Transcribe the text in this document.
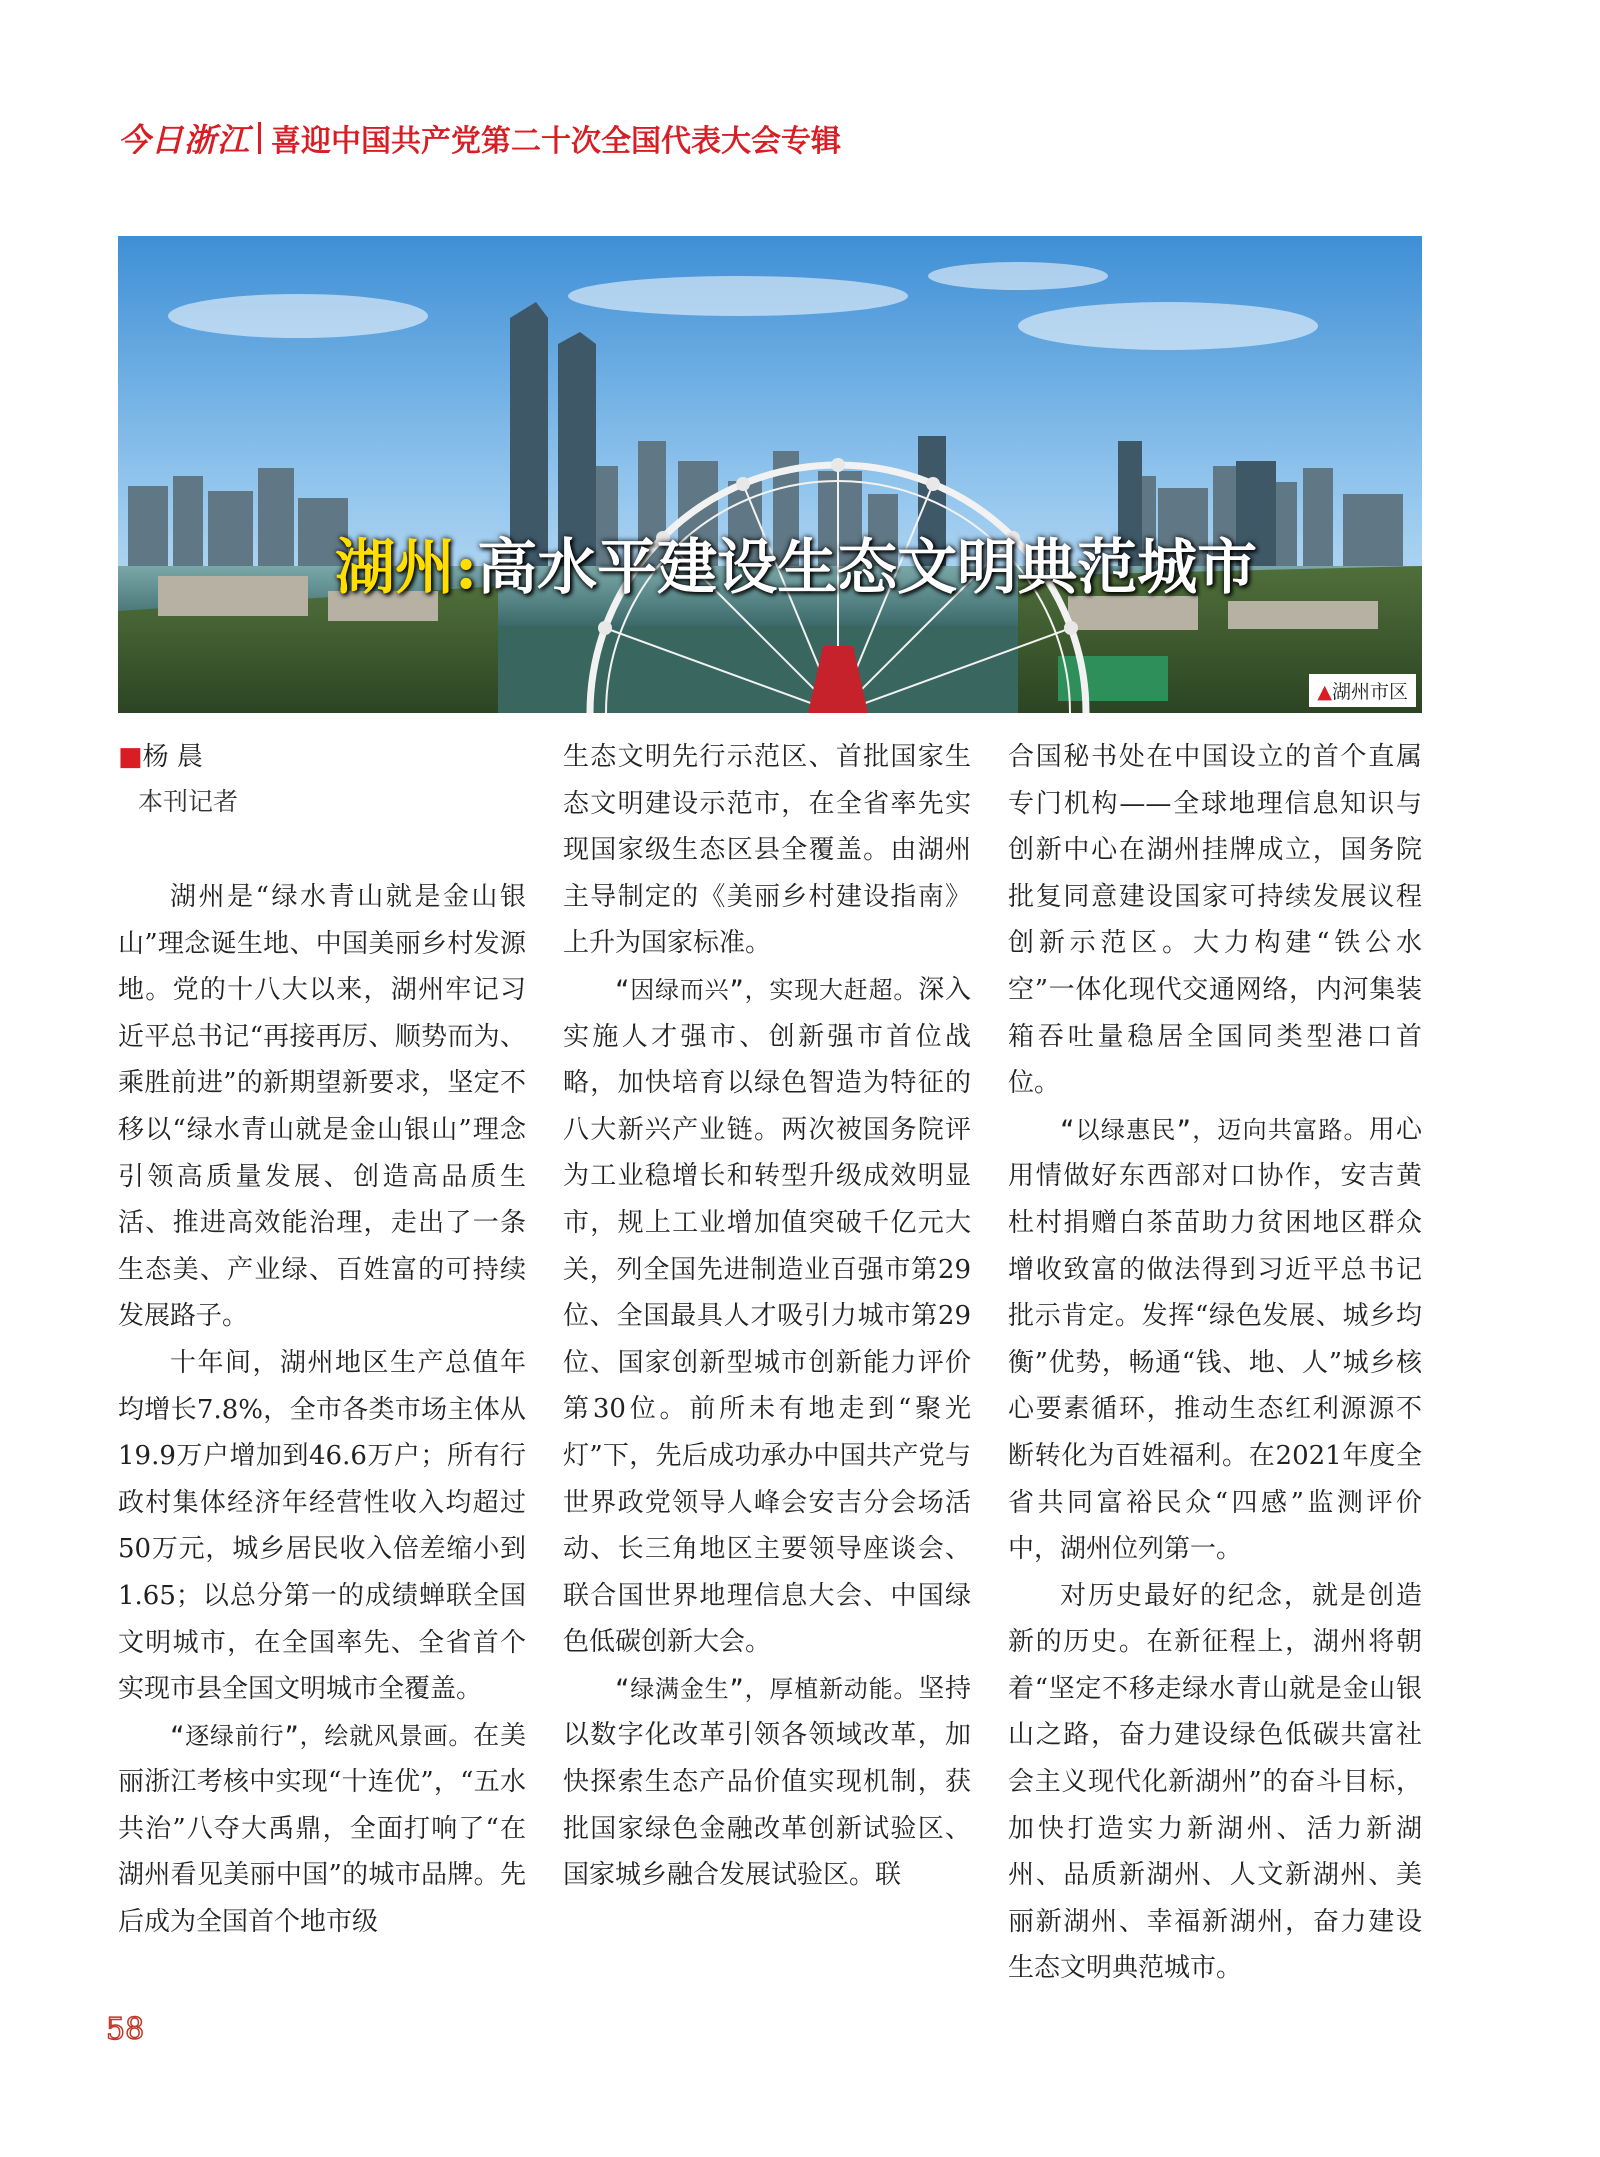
今日浙江 喜迎中国共产党第二十次全国代表大会专辑
湖州:高水平建设生态文明典范城市
▲湖州市区
■杨 晨
本刊记者

湖州是“绿水青山就是金山银山”理念诞生地、中国美丽乡村发源地。党的十八大以来，湖州牢记习近平总书记“再接再厉、顺势而为、乘胜前进”的新期望新要求，坚定不移以“绿水青山就是金山银山”理念引领高质量发展、创造高品质生活、推进高效能治理，走出了一条生态美、产业绿、百姓富的可持续发展路子。

十年间，湖州地区生产总值年均增长7.8%，全市各类市场主体从19.9万户增加到46.6万户；所有行政村集体经济年经营性收入均超过50万元，城乡居民收入倍差缩小到1.65；以总分第一的成绩蝉联全国文明城市，在全国率先、全省首个实现市县全国文明城市全覆盖。

“逐绿前行”，绘就风景画。在美丽浙江考核中实现“十连优”，“五水共治”八夺大禹鼎，全面打响了“在湖州看见美丽中国”的城市品牌。先后成为全国首个地市级

生态文明先行示范区、首批国家生态文明建设示范市，在全省率先实现国家级生态区县全覆盖。由湖州主导制定的《美丽乡村建设指南》上升为国家标准。

“因绿而兴”，实现大赶超。深入实施人才强市、创新强市首位战略，加快培育以绿色智造为特征的八大新兴产业链。两次被国务院评为工业稳增长和转型升级成效明显市，规上工业增加值突破千亿元大关，列全国先进制造业百强市第29位、全国最具人才吸引力城市第29位、国家创新型城市创新能力评价第30位。前所未有地走到“聚光灯”下，先后成功承办中国共产党与世界政党领导人峰会安吉分会场活动、长三角地区主要领导座谈会、联合国世界地理信息大会、中国绿色低碳创新大会。

“绿满金生”，厚植新动能。坚持以数字化改革引领各领域改革，加快探索生态产品价值实现机制，获批国家绿色金融改革创新试验区、国家城乡融合发展试验区。联

合国秘书处在中国设立的首个直属专门机构——全球地理信息知识与创新中心在湖州挂牌成立，国务院批复同意建设国家可持续发展议程创新示范区。大力构建“铁公水空”一体化现代交通网络，内河集装箱吞吐量稳居全国同类型港口首位。

“以绿惠民”，迈向共富路。用心用情做好东西部对口协作，安吉黄杜村捐赠白茶苗助力贫困地区群众增收致富的做法得到习近平总书记批示肯定。发挥“绿色发展、城乡均衡”优势，畅通“钱、地、人”城乡核心要素循环，推动生态红利源源不断转化为百姓福利。在2021年度全省共同富裕民众“四感”监测评价中，湖州位列第一。

对历史最好的纪念，就是创造新的历史。在新征程上，湖州将朝着“坚定不移走绿水青山就是金山银山之路，奋力建设绿色低碳共富社会主义现代化新湖州”的奋斗目标，加快打造实力新湖州、活力新湖州、品质新湖州、人文新湖州、美丽新湖州、幸福新湖州，奋力建设生态文明典范城市。

58
